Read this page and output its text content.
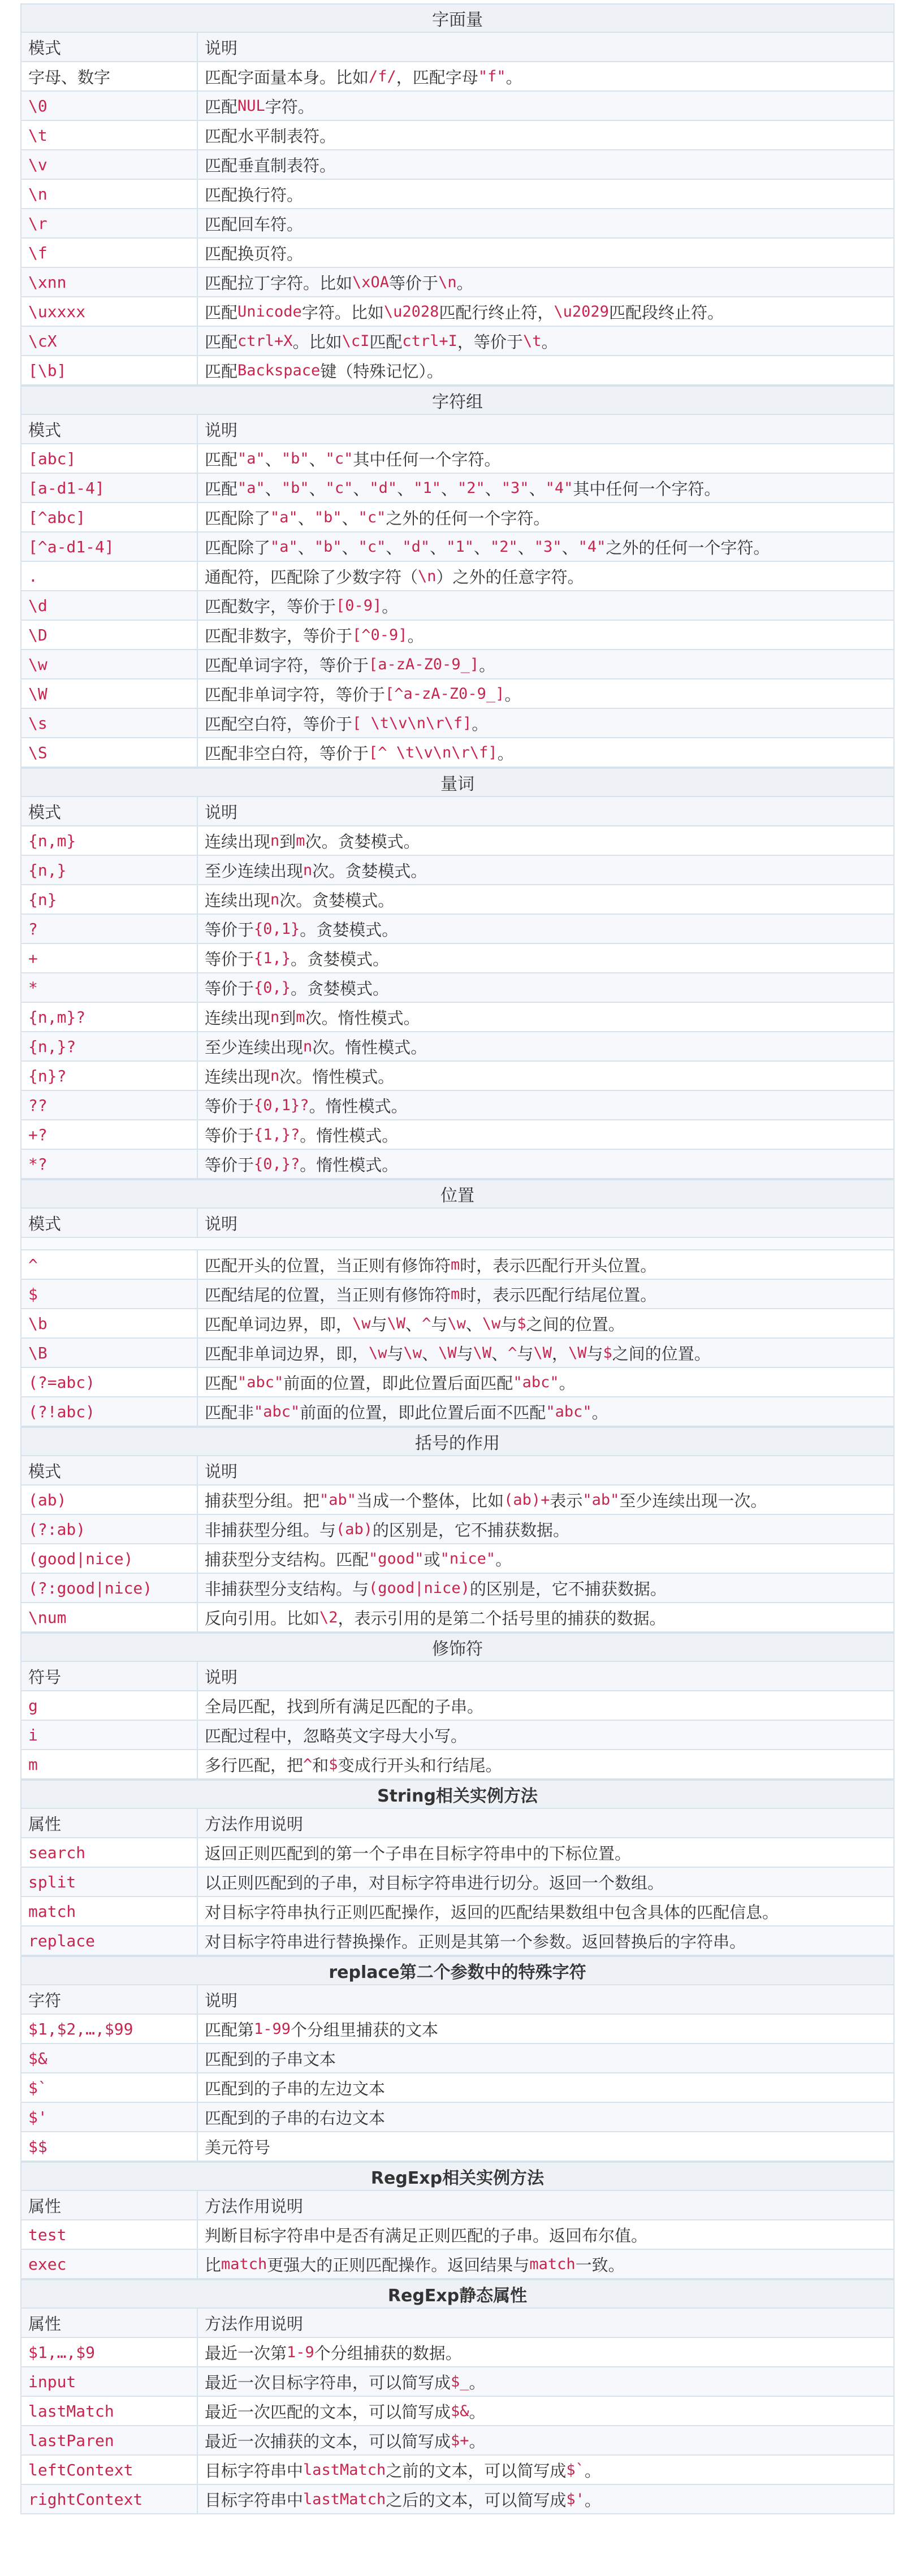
字面量
模式	说明
字母、数字	匹配字面量本身。比如 /f/ ，匹配字母 "f" 。
\0	匹配 NUL 字符。
\t	匹配水平制表符。
\v	匹配垂直制表符。
\n	匹配换行符。
\r	匹配回车符。
\f	匹配换页符。
\xnn	匹配拉丁字符。比如 \xOA 等价于 \n 。
\uxxxx	匹配 Unicode 字符。比如 \u2028 匹配行终止符， \u2029 匹配段终止符。
\cX	匹配 ctrl+X 。比如 \cI 匹配 ctrl+I ，等价于 \t 。
[\b]	匹配 Backspace 键（特殊记忆）。
字符组
模式	说明
[abc]	匹配 "a" 、 "b" 、 "c" 其中任何一个字符。
[a-d1-4]	匹配 "a" 、 "b" 、 "c" 、 "d" 、 "1" 、 "2" 、 "3" 、 "4" 其中任何一个字符。
[^abc]	匹配除了 "a" 、 "b" 、 "c" 之外的任何一个字符。
[^a-d1-4]	匹配除了 "a" 、 "b" 、 "c" 、 "d" 、 "1" 、 "2" 、 "3" 、 "4" 之外的任何一个字符。
.	通配符，匹配除了少数字符（ \n ）之外的任意字符。
\d	匹配数字，等价于 [0-9] 。
\D	匹配非数字，等价于 [^0-9] 。
\w	匹配单词字符，等价于 [a-zA-Z0-9_] 。
\W	匹配非单词字符，等价于 [^a-zA-Z0-9_] 。
\s	匹配空白符，等价于 [ \t\v\n\r\f] 。
\S	匹配非空白符，等价于 [^ \t\v\n\r\f] 。
量词
模式	说明
{n,m}	连续出现 n 到 m 次。贪婪模式。
{n,}	至少连续出现 n 次。贪婪模式。
{n}	连续出现 n 次。贪婪模式。
?	等价于 {0,1} 。贪婪模式。
+	等价于 {1,} 。贪婪模式。
*	等价于 {0,} 。贪婪模式。
{n,m}?	连续出现 n 到 m 次。惰性模式。
{n,}?	至少连续出现 n 次。惰性模式。
{n}?	连续出现 n 次。惰性模式。
??	等价于 {0,1}? 。惰性模式。
+?	等价于 {1,}? 。惰性模式。
*?	等价于 {0,}? 。惰性模式。
位置
模式	说明
^	匹配开头的位置，当正则有修饰符 m 时，表示匹配行开头位置。
$	匹配结尾的位置，当正则有修饰符 m 时，表示匹配行结尾位置。
\b	匹配单词边界，即， \w 与 \W 、 ^ 与 \w 、 \w 与 $ 之间的位置。
\B	匹配非单词边界，即， \w 与 \w 、 \W 与 \W 、 ^ 与 \W ， \W 与 $ 之间的位置。
(?=abc)	匹配 "abc" 前面的位置，即此位置后面匹配 "abc" 。
(?!abc)	匹配非 "abc" 前面的位置，即此位置后面不匹配 "abc" 。
括号的作用
模式	说明
(ab)	捕获型分组。把 "ab" 当成一个整体，比如 (ab)+ 表示 "ab" 至少连续出现一次。
(?:ab)	非捕获型分组。与 (ab) 的区别是，它不捕获数据。
(good|nice)	捕获型分支结构。匹配 "good" 或 "nice" 。
(?:good|nice)	非捕获型分支结构。与 (good|nice) 的区别是，它不捕获数据。
\num	反向引用。比如 \2 ，表示引用的是第二个括号里的捕获的数据。
修饰符
符号	说明
g	全局匹配，找到所有满足匹配的子串。
i	匹配过程中，忽略英文字母大小写。
m	多行匹配，把 ^ 和 $ 变成行开头和行结尾。
String相关实例方法
属性	方法作用说明
search	返回正则匹配到的第一个子串在目标字符串中的下标位置。
split	以正则匹配到的子串，对目标字符串进行切分。返回一个数组。
match	对目标字符串执行正则匹配操作，返回的匹配结果数组中包含具体的匹配信息。
replace	对目标字符串进行替换操作。正则是其第一个参数。返回替换后的字符串。
replace第二个参数中的特殊字符
字符	说明
$1,$2,…,$99	匹配第 1-99 个分组里捕获的文本
$&	匹配到的子串文本
$`	匹配到的子串的左边文本
$'	匹配到的子串的右边文本
$$	美元符号
RegExp相关实例方法
属性	方法作用说明
test	判断目标字符串中是否有满足正则匹配的子串。返回布尔值。
exec	比 match 更强大的正则匹配操作。返回结果与 match 一致。
RegExp静态属性
属性	方法作用说明
$1,…,$9	最近一次第 1-9 个分组捕获的数据。
input	最近一次目标字符串，可以简写成 $_ 。
lastMatch	最近一次匹配的文本，可以简写成 $& 。
lastParen	最近一次捕获的文本，可以简写成 $+ 。
leftContext	目标字符串中 lastMatch 之前的文本，可以简写成 $` 。
rightContext	目标字符串中 lastMatch 之后的文本，可以简写成 $' 。
